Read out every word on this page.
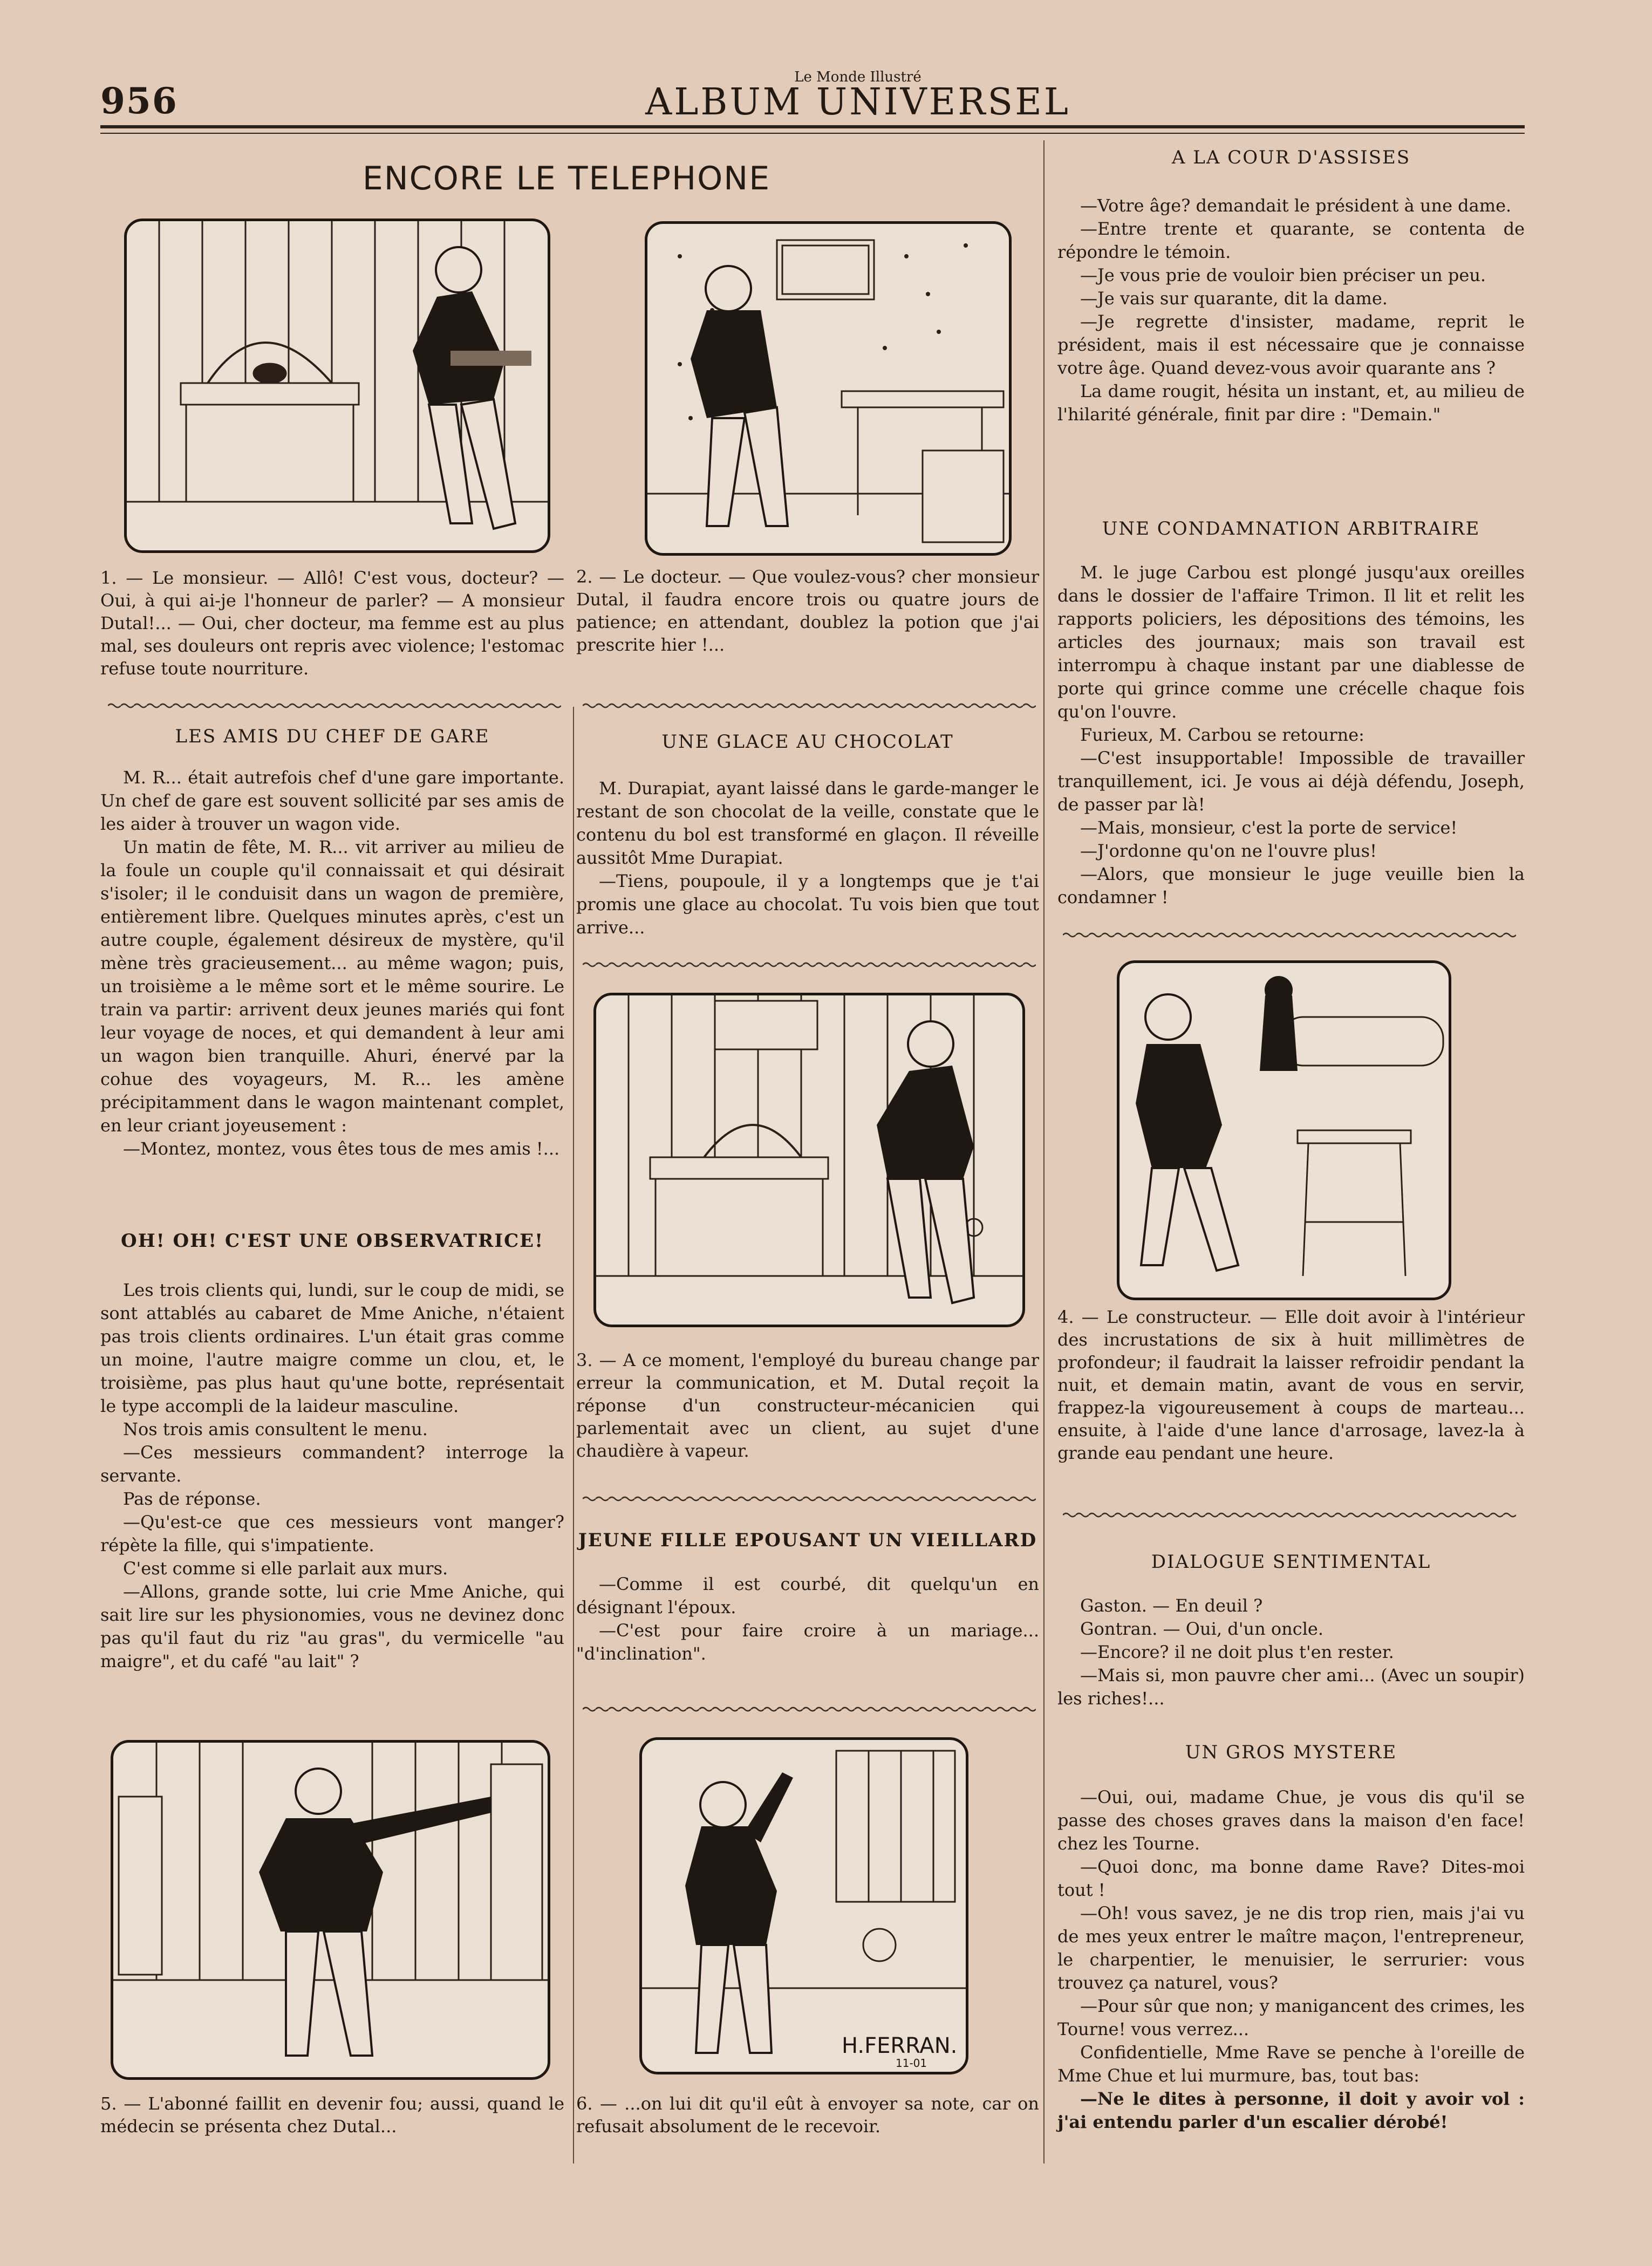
956
Le Monde Illustré
ALBUM UNIVERSEL
ENCORE LE TELEPHONE
1. — Le monsieur. — Allô! C'est vous, docteur? — Oui, à qui ai-je l'honneur de parler? — A monsieur Dutal!... — Oui, cher docteur, ma femme est au plus mal, ses douleurs ont repris avec violence; l'estomac refuse toute nourriture.
2. — Le docteur. — Que voulez-vous? cher monsieur Dutal, il faudra encore trois ou quatre jours de patience; en attendant, doublez la potion que j'ai prescrite hier !...
LES AMIS DU CHEF DE GARE

M. R... était autrefois chef d'une gare importante. Un chef de gare est souvent sollicité par ses amis de les aider à trouver un wagon vide.

Un matin de fête, M. R... vit arriver au milieu de la foule un couple qu'il connaissait et qui désirait s'isoler; il le conduisit dans un wagon de première, entièrement libre. Quelques minutes après, c'est un autre couple, également désireux de mystère, qu'il mène très gracieusement... au même wagon; puis, un troisième a le même sort et le même sourire. Le train va partir: arrivent deux jeunes mariés qui font leur voyage de noces, et qui demandent à leur ami un wagon bien tranquille. Ahuri, énervé par la cohue des voyageurs, M. R... les amène précipitamment dans le wagon maintenant complet, en leur criant joyeusement :

—Montez, montez, vous êtes tous de mes amis !...

OH! OH! C'EST UNE OBSERVATRICE!

Les trois clients qui, lundi, sur le coup de midi, se sont attablés au cabaret de Mme Aniche, n'étaient pas trois clients ordinaires. L'un était gras comme un moine, l'autre maigre comme un clou, et, le troisième, pas plus haut qu'une botte, représentait le type accompli de la laideur masculine.

Nos trois amis consultent le menu.

—Ces messieurs commandent? interroge la servante.

Pas de réponse.

—Qu'est-ce que ces messieurs vont manger? répète la fille, qui s'impatiente.

C'est comme si elle parlait aux murs.

—Allons, grande sotte, lui crie Mme Aniche, qui sait lire sur les physionomies, vous ne devinez donc pas qu'il faut du riz "au gras", du vermicelle "au maigre", et du café "au lait" ?

UNE GLACE AU CHOCOLAT

M. Durapiat, ayant laissé dans le garde-manger le restant de son chocolat de la veille, constate que le contenu du bol est transformé en glaçon. Il réveille aussitôt Mme Durapiat.

—Tiens, poupoule, il y a longtemps que je t'ai promis une glace au chocolat. Tu vois bien que tout arrive...

3. — A ce moment, l'employé du bureau change par erreur la communication, et M. Dutal reçoit la réponse d'un constructeur-mécanicien qui parlementait avec un client, au sujet d'une chaudière à vapeur.
JEUNE FILLE EPOUSANT UN VIEILLARD

—Comme il est courbé, dit quelqu'un en désignant l'époux.

—C'est pour faire croire à un mariage... "d'inclination".

H.FERRAN.
11-01
5. — L'abonné faillit en devenir fou; aussi, quand le médecin se présenta chez Dutal...
6. — ...on lui dit qu'il eût à envoyer sa note, car on refusait absolument de le recevoir.
A LA COUR D'ASSISES

—Votre âge? demandait le président à une dame.

—Entre trente et quarante, se contenta de répondre le témoin.

—Je vous prie de vouloir bien préciser un peu.

—Je vais sur quarante, dit la dame.

—Je regrette d'insister, madame, reprit le président, mais il est nécessaire que je connaisse votre âge. Quand devez-vous avoir quarante ans ?

La dame rougit, hésita un instant, et, au milieu de l'hilarité générale, finit par dire : "Demain."

UNE CONDAMNATION ARBITRAIRE

M. le juge Carbou est plongé jusqu'aux oreilles dans le dossier de l'affaire Trimon. Il lit et relit les rapports policiers, les dépositions des témoins, les articles des journaux; mais son travail est interrompu à chaque instant par une diablesse de porte qui grince comme une crécelle chaque fois qu'on l'ouvre.

Furieux, M. Carbou se retourne:

—C'est insupportable! Impossible de travailler tranquillement, ici. Je vous ai déjà défendu, Joseph, de passer par là!

—Mais, monsieur, c'est la porte de service!

—J'ordonne qu'on ne l'ouvre plus!

—Alors, que monsieur le juge veuille bien la condamner !

4. — Le constructeur. — Elle doit avoir à l'intérieur des incrustations de six à huit millimètres de profondeur; il faudrait la laisser refroidir pendant la nuit, et demain matin, avant de vous en servir, frappez-la vigoureusement à coups de marteau... ensuite, à l'aide d'une lance d'arrosage, lavez-la à grande eau pendant une heure.
DIALOGUE SENTIMENTAL

Gaston. — En deuil ?

Gontran. — Oui, d'un oncle.

—Encore? il ne doit plus t'en rester.

—Mais si, mon pauvre cher ami... (Avec un soupir) les riches!...

UN GROS MYSTERE

—Oui, oui, madame Chue, je vous dis qu'il se passe des choses graves dans la maison d'en face! chez les Tourne.

—Quoi donc, ma bonne dame Rave? Dites-moi tout !

—Oh! vous savez, je ne dis trop rien, mais j'ai vu de mes yeux entrer le maître maçon, l'entrepreneur, le charpentier, le menuisier, le serrurier: vous trouvez ça naturel, vous?

—Pour sûr que non; y manigancent des crimes, les Tourne! vous verrez...

Confidentielle, Mme Rave se penche à l'oreille de Mme Chue et lui murmure, bas, tout bas:

—Ne le dites à personne, il doit y avoir vol : j'ai entendu parler d'un escalier dérobé!
